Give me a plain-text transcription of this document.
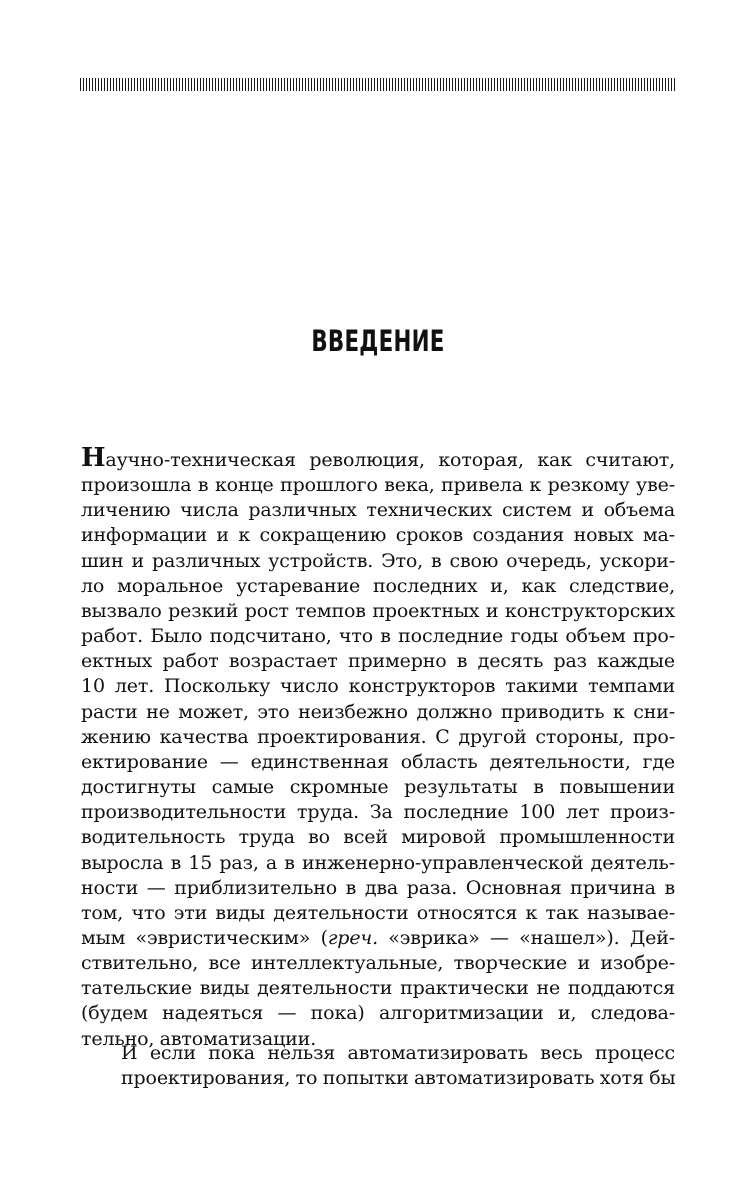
ВВЕДЕНИЕ
Научно-техническая революция, которая, как считают,
произошла в конце прошлого века, привела к резкому уве-
личению числа различных технических систем и объема
информации и к сокращению сроков создания новых ма-
шин и различных устройств. Это, в свою очередь, ускори-
ло моральное устаревание последних и, как следствие,
вызвало резкий рост темпов проектных и конструкторских
работ. Было подсчитано, что в последние годы объем про-
ектных работ возрастает примерно в десять раз каждые
10 лет. Поскольку число конструкторов такими темпами
расти не может, это неизбежно должно приводить к сни-
жению качества проектирования. С другой стороны, про-
ектирование — единственная область деятельности, где
достигнуты самые скромные результаты в повышении
производительности труда. За последние 100 лет произ-
водительность труда во всей мировой промышленности
выросла в 15 раз, а в инженерно-управленческой деятель-
ности — приблизительно в два раза. Основная причина в
том, что эти виды деятельности относятся к так называе-
мым «эвристическим» (греч. «эврика» — «нашел»). Дей-
ствительно, все интеллектуальные, творческие и изобре-
тательские виды деятельности практически не поддаются
(будем надеяться — пока) алгоритмизации и, следова-
тельно, автоматизации.
И если пока нельзя автоматизировать весь процесс
проектирования, то попытки автоматизировать хотя бы
